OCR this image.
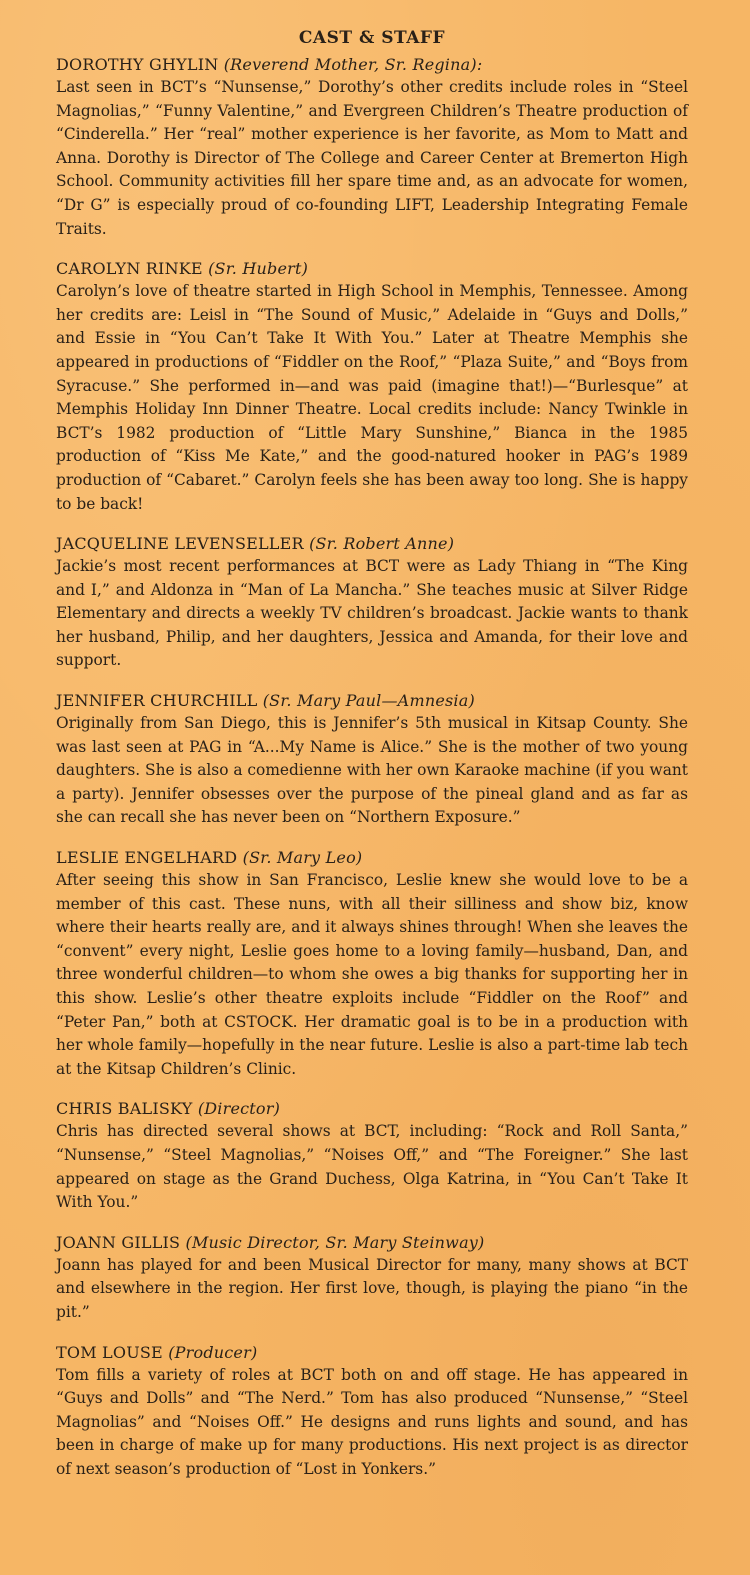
CAST & STAFF
DOROTHY GHYLIN (Reverend Mother, Sr. Regina):

Last seen in BCT’s “Nunsense,” Dorothy’s other credits include roles in “Steel Magnolias,” “Funny Valentine,” and Evergreen Children’s Theatre production of “Cinderella.” Her “real” mother experience is her favorite, as Mom to Matt and Anna. Dorothy is Director of The College and Career Center at Bremerton High School. Community activities fill her spare time and, as an advocate for women, “Dr G” is especially proud of co-founding LIFT, Leadership Integrating Female Traits.

CAROLYN RINKE (Sr. Hubert)

Carolyn’s love of theatre started in High School in Memphis, Tennessee. Among her credits are: Leisl in “The Sound of Music,” Adelaide in “Guys and Dolls,” and Essie in “You Can’t Take It With You.” Later at Theatre Memphis she appeared in productions of “Fiddler on the Roof,” “Plaza Suite,” and “Boys from Syracuse.” She performed in—and was paid (imagine that!)—“Burlesque” at Memphis Holiday Inn Dinner Theatre. Local credits include: Nancy Twinkle in BCT’s 1982 production of “Little Mary Sunshine,” Bianca in the 1985 production of “Kiss Me Kate,” and the good-natured hooker in PAG’s 1989 production of “Cabaret.” Carolyn feels she has been away too long. She is happy to be back!

JACQUELINE LEVENSELLER (Sr. Robert Anne)

Jackie’s most recent performances at BCT were as Lady Thiang in “The King and I,” and Aldonza in “Man of La Mancha.” She teaches music at Silver Ridge Elementary and directs a weekly TV children’s broadcast. Jackie wants to thank her husband, Philip, and her daughters, Jessica and Amanda, for their love and support.

JENNIFER CHURCHILL (Sr. Mary Paul—Amnesia)

Originally from San Diego, this is Jennifer’s 5th musical in Kitsap County. She was last seen at PAG in “A...My Name is Alice.” She is the mother of two young daughters. She is also a comedienne with her own Karaoke machine (if you want a party). Jennifer obsesses over the purpose of the pineal gland and as far as she can recall she has never been on “Northern Exposure.”

LESLIE ENGELHARD (Sr. Mary Leo)

After seeing this show in San Francisco, Leslie knew she would love to be a member of this cast. These nuns, with all their silliness and show biz, know where their hearts really are, and it always shines through! When she leaves the “convent” every night, Leslie goes home to a loving family—husband, Dan, and three wonderful children—to whom she owes a big thanks for supporting her in this show. Leslie’s other theatre exploits include “Fiddler on the Roof” and “Peter Pan,” both at CSTOCK. Her dramatic goal is to be in a production with her whole family—hopefully in the near future. Leslie is also a part-time lab tech at the Kitsap Children’s Clinic.

CHRIS BALISKY (Director)

Chris has directed several shows at BCT, including: “Rock and Roll Santa,” “Nunsense,” “Steel Magnolias,” “Noises Off,” and “The Foreigner.” She last appeared on stage as the Grand Duchess, Olga Katrina, in “You Can’t Take It With You.”

JOANN GILLIS (Music Director, Sr. Mary Steinway)

Joann has played for and been Musical Director for many, many shows at BCT and elsewhere in the region. Her first love, though, is playing the piano “in the pit.”

TOM LOUSE (Producer)

Tom fills a variety of roles at BCT both on and off stage. He has appeared in “Guys and Dolls” and “The Nerd.” Tom has also produced “Nunsense,” “Steel Magnolias” and “Noises Off.” He designs and runs lights and sound, and has been in charge of make up for many productions. His next project is as director of next season’s production of “Lost in Yonkers.”
